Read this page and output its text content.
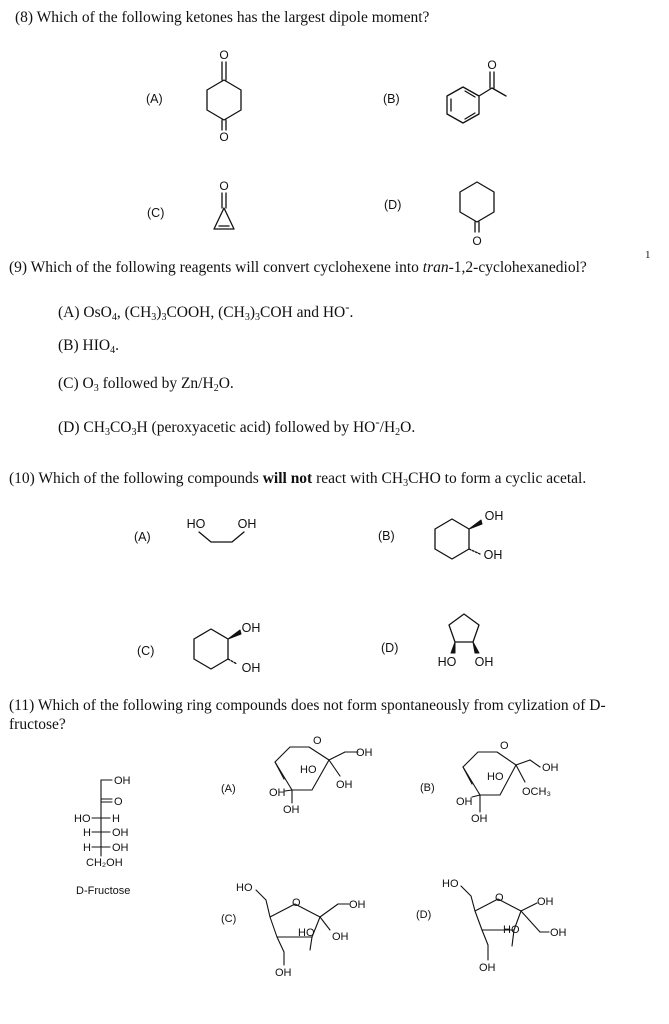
(8) Which of the following ketones has the largest dipole moment?
(A)	(B)
(C)
(D)
(9) Which of the following reagents will convert cyclohexene into tran-1,2-cyclohexanediol?
1
(A) OsO$_4$, $(CH_3)_3COOH$, $(CH_3)_3COH$ and HO-.
(B) $HIO_4$.
(C) $O_3$ followed by $Zn/H_2O$.
(D) $CH_3CO_3H$ (peroxyacetic acid) followed by $HO^-/H_2O$.
(10) Which of the following compounds will not react with $CH_3CHO$ to form a cyclic acetal.
(A)	(B)
(C)	(D)
(11) Which of the following ring compounds does not form spontaneously from cylization of D-
fructose?
(A)	(B)
(C)	(D)
D-Fructose
O
O
O
O
O
HO	OH
OH
OH
OH
OH	HO OH
OH
O
HO H
H OH
H OH
CH₂OH
O
OH
HO
OH
OH
OH
O
OH
HO
OCH₃
OH
OH
HO
O	OH
HO OH
OH
HO
O	OH
HO	OH
OH
